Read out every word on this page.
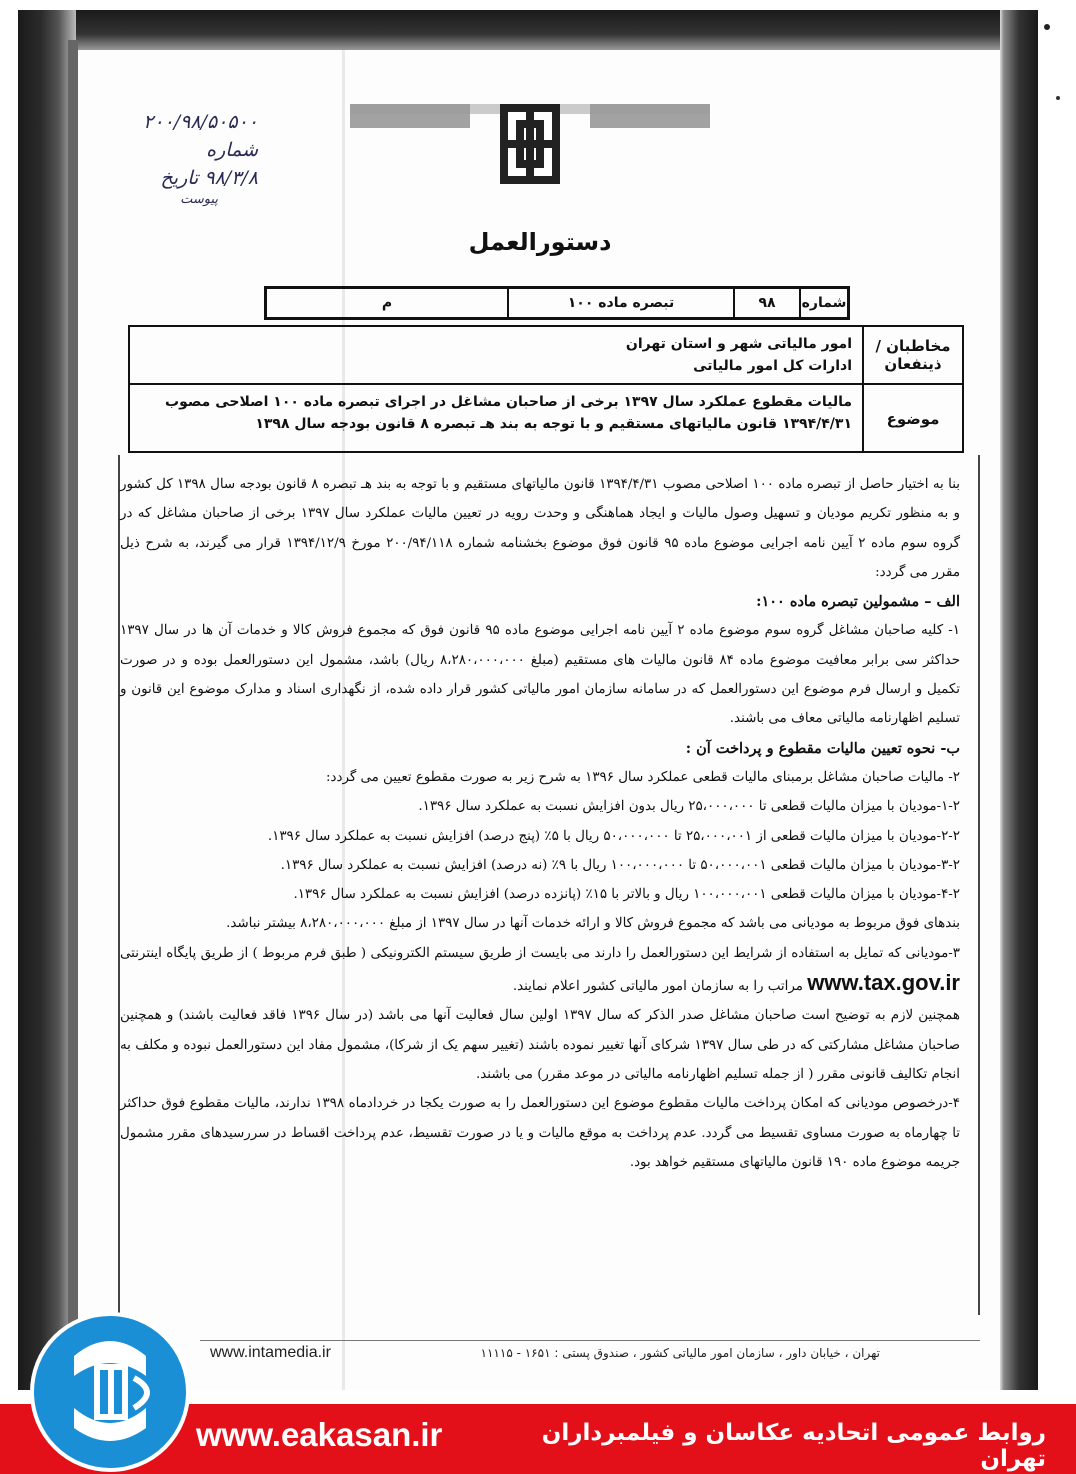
۲۰۰/۹۸/۵۰۵۰۰ شماره
۹۸/۳/۸ تاریخ
پیوست
دستورالعمل
شماره
۹۸
تبصره ماده ۱۰۰
م
مخاطبان / ذینفعان
امور مالیاتی شهر و استان تهران
ادارات کل امور مالیاتی
موضوع
مالیات مقطوع عملکرد سال ۱۳۹۷ برخی از صاحبان مشاغل در اجرای تبصره ماده ۱۰۰ اصلاحی مصوب ۱۳۹۴/۴/۳۱ قانون مالیاتهای مستقیم و با توجه به بند هـ تبصره ۸ قانون بودجه سال ۱۳۹۸

بنا به اختیار حاصل از تبصره ماده ۱۰۰ اصلاحی مصوب ۱۳۹۴/۴/۳۱ قانون مالیاتهای مستقیم و با توجه به بند هـ تبصره ۸ قانون بودجه سال ۱۳۹۸ کل کشور و به منظور تکریم مودیان و تسهیل وصول مالیات و ایجاد هماهنگی و وحدت رویه در تعیین مالیات عملکرد سال ۱۳۹۷ برخی از صاحبان مشاغل که در گروه سوم ماده ۲ آیین نامه اجرایی موضوع ماده ۹۵ قانون فوق موضوع بخشنامه شماره ۲۰۰/۹۴/۱۱۸ مورخ ۱۳۹۴/۱۲/۹ قرار می گیرند، به شرح ذیل مقرر می گردد:

الف – مشمولین تبصره ماده ۱۰۰:

۱- کلیه صاحبان مشاغل گروه سوم موضوع ماده ۲ آیین نامه اجرایی موضوع ماده ۹۵ قانون فوق که مجموع فروش کالا و خدمات آن ها در سال ۱۳۹۷ حداکثر سی برابر معافیت موضوع ماده ۸۴ قانون مالیات های مستقیم (مبلغ ۸،۲۸۰،۰۰۰،۰۰۰ ریال) باشد، مشمول این دستورالعمل بوده و در صورت تکمیل و ارسال فرم موضوع این دستورالعمل که در سامانه سازمان امور مالیاتی کشور قرار داده شده، از نگهداری اسناد و مدارک موضوع این قانون و تسلیم اظهارنامه مالیاتی معاف می باشند.

ب- نحوه تعیین مالیات مقطوع و پرداخت آن :

۲- مالیات صاحبان مشاغل برمبنای مالیات قطعی عملکرد سال ۱۳۹۶ به شرح زیر به صورت مقطوع تعیین می گردد:

۱-۲-مودیان با میزان مالیات قطعی تا ۲۵،۰۰۰،۰۰۰ ریال بدون افزایش نسبت به عملکرد سال ۱۳۹۶.

۲-۲-مودیان با میزان مالیات قطعی از ۲۵،۰۰۰،۰۰۱ تا ۵۰،۰۰۰،۰۰۰ ریال با ۵٪ (پنج درصد) افزایش نسبت به عملکرد سال ۱۳۹۶.

۳-۲-مودیان با میزان مالیات قطعی ۵۰،۰۰۰،۰۰۱ تا ۱۰۰،۰۰۰،۰۰۰ ریال با ۹٪ (نه درصد) افزایش نسبت به عملکرد سال ۱۳۹۶.

۴-۲-مودیان با میزان مالیات قطعی ۱۰۰،۰۰۰،۰۰۱ ریال و بالاتر با ۱۵٪ (پانزده درصد) افزایش نسبت به عملکرد سال ۱۳۹۶.

بندهای فوق مربوط به مودیانی می باشد که مجموع فروش کالا و ارائه خدمات آنها در سال ۱۳۹۷ از مبلغ ۸،۲۸۰،۰۰۰،۰۰۰ بیشتر نباشد.

۳-مودیانی که تمایل به استفاده از شرایط این دستورالعمل را دارند می بایست از طریق سیستم الکترونیکی ( طبق فرم مربوط ) از طریق پایگاه اینترنتی www.tax.gov.ir مراتب را به سازمان امور مالیاتی کشور اعلام نمایند.

همچنین لازم به توضیح است صاحبان مشاغل صدر الذکر که سال ۱۳۹۷ اولین سال فعالیت آنها می باشد (در سال ۱۳۹۶ فاقد فعالیت باشند) و همچنین صاحبان مشاغل مشارکتی که در طی سال ۱۳۹۷ شرکای آنها تغییر نموده باشند (تغییر سهم یک از شرکا)، مشمول مفاد این دستورالعمل نبوده و مکلف به انجام تکالیف قانونی مقرر ( از جمله تسلیم اظهارنامه مالیاتی در موعد مقرر) می باشند.

۴-درخصوص مودیانی که امکان پرداخت مالیات مقطوع موضوع این دستورالعمل را به صورت یکجا در خردادماه ۱۳۹۸ ندارند، مالیات مقطوع فوق حداکثر تا چهارماه به صورت مساوی تقسیط می گردد. عدم پرداخت به موقع مالیات و یا در صورت تقسیط، عدم پرداخت اقساط در سررسیدهای مقرر مشمول جریمه موضوع ماده ۱۹۰ قانون مالیاتهای مستقیم خواهد بود.

www.intamedia.ir	تهران ، خیابان داور ، سازمان امور مالیاتی کشور ، صندوق پستی : ۱۶۵۱ - ۱۱۱۱۵
www.eakasan.ir	روابط عمومی اتحادیه عکاسان و فیلمبرداران تهران
